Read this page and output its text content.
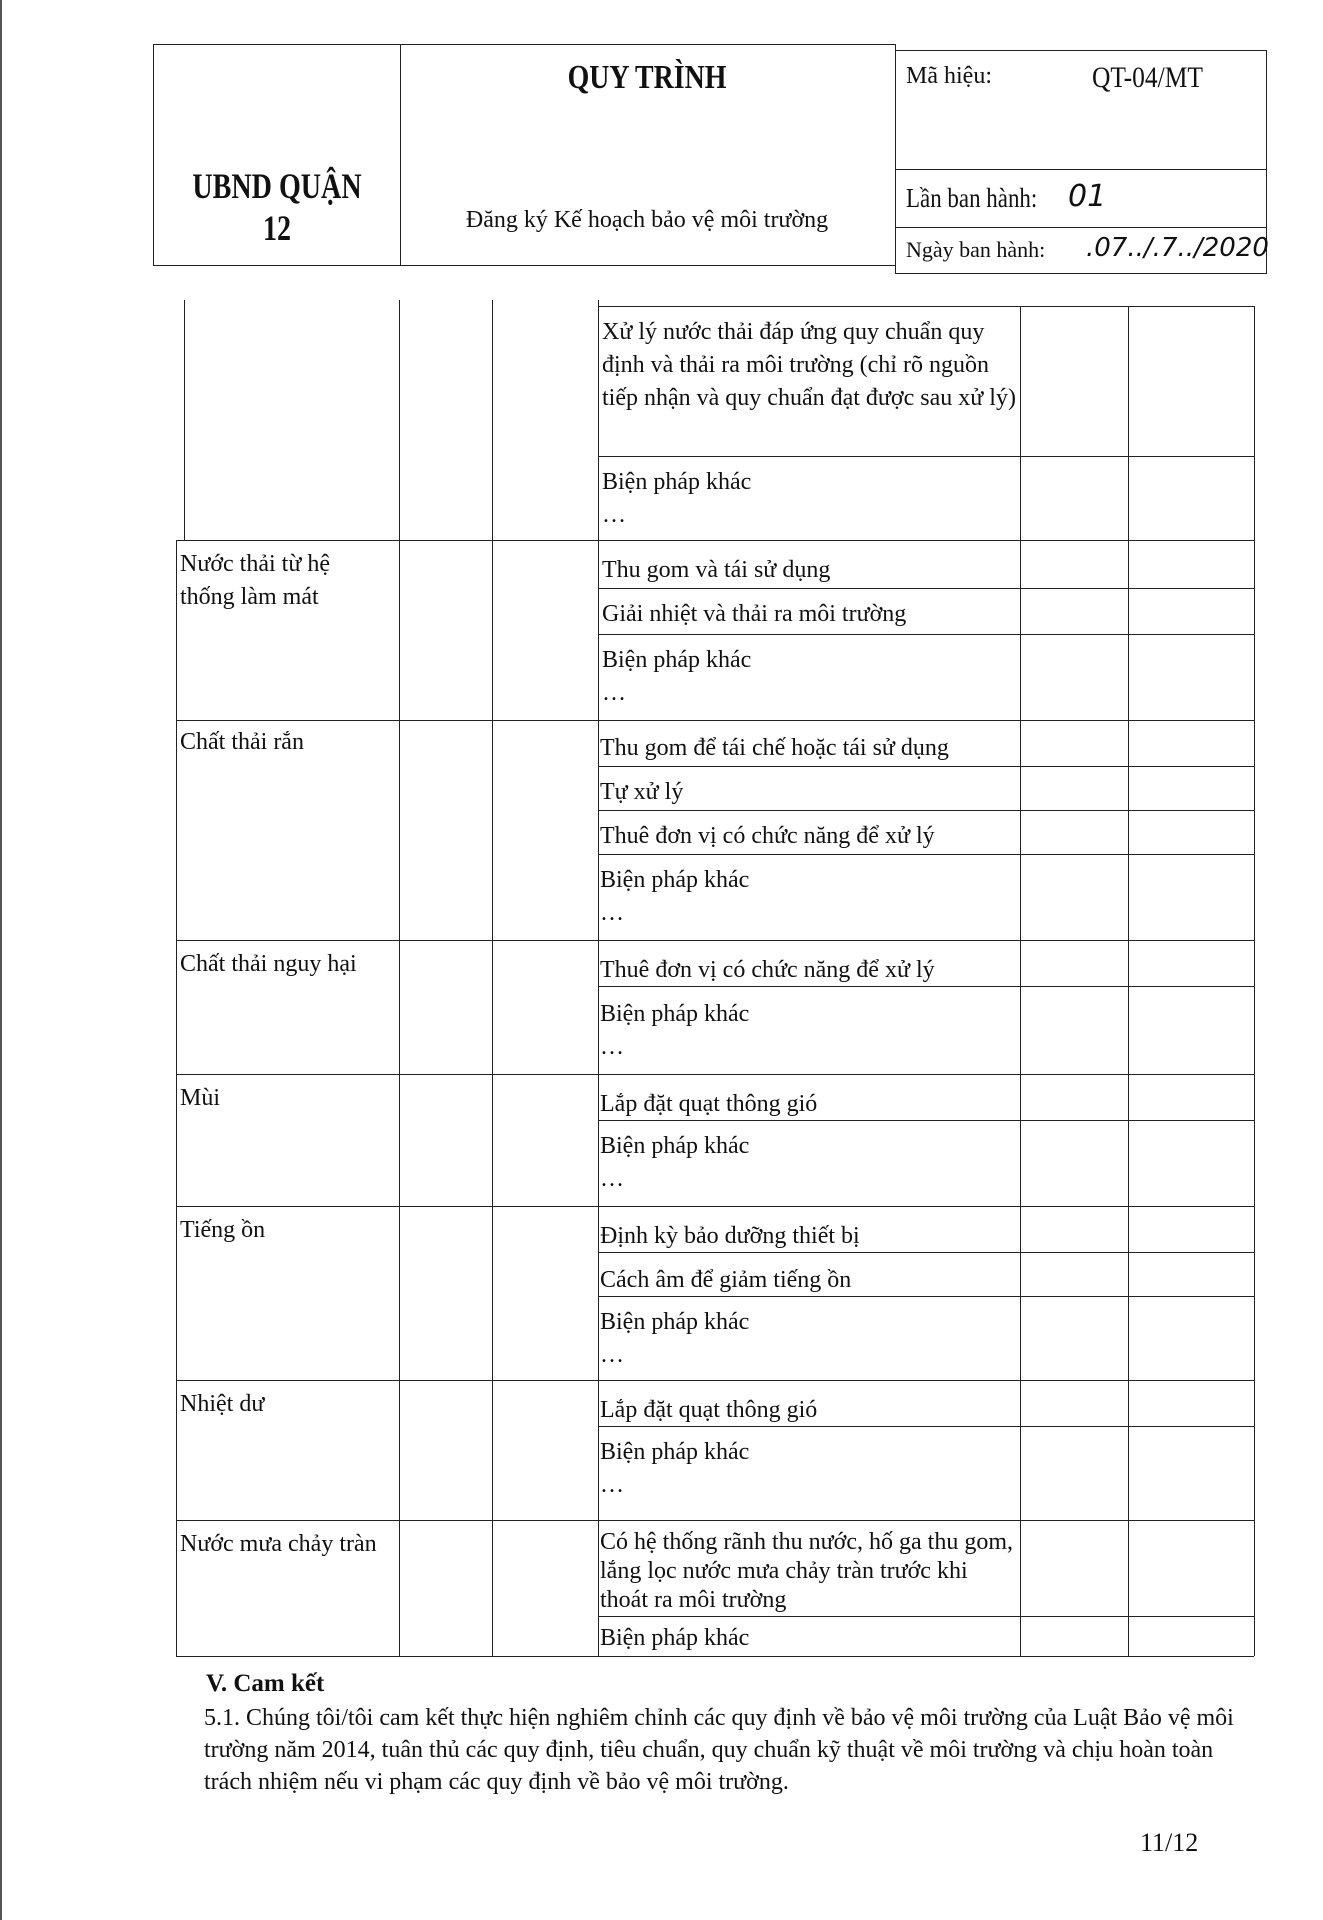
UBND QUẬN 12
QUY TRÌNH
Đăng ký Kế hoạch bảo vệ môi trường
Mã hiệu:	QT-04/MT
Lần ban hành: 01
Ngày ban hành: .07../.7../2020
Xử lý nước thải đáp ứng quy chuẩn quy định và thải ra môi trường (chỉ rõ nguồn tiếp nhận và quy chuẩn đạt được sau xử lý)
Biện pháp khác
…
Nước thải từ hệ thống làm mát
Thu gom và tái sử dụng
Giải nhiệt và thải ra môi trường
Biện pháp khác
…
Chất thải rắn	Thu gom để tái chế hoặc tái sử dụng
Tự xử lý
Thuê đơn vị có chức năng để xử lý
Biện pháp khác
…
Chất thải nguy hại	Thuê đơn vị có chức năng để xử lý
Biện pháp khác
…
Mùi	Lắp đặt quạt thông gió
Biện pháp khác
…
Tiếng ồn	Định kỳ bảo dưỡng thiết bị
Cách âm để giảm tiếng ồn
Biện pháp khác
…
Nhiệt dư	Lắp đặt quạt thông gió
Biện pháp khác
…
Nước mưa chảy tràn	Có hệ thống rãnh thu nước, hố ga thu gom, lắng lọc nước mưa chảy tràn trước khi thoát ra môi trường
Biện pháp khác
V. Cam kết
5.1. Chúng tôi/tôi cam kết thực hiện nghiêm chỉnh các quy định về bảo vệ môi trường của Luật Bảo vệ môi trường năm 2014, tuân thủ các quy định, tiêu chuẩn, quy chuẩn kỹ thuật về môi trường và chịu hoàn toàn trách nhiệm nếu vi phạm các quy định về bảo vệ môi trường.
11/12
